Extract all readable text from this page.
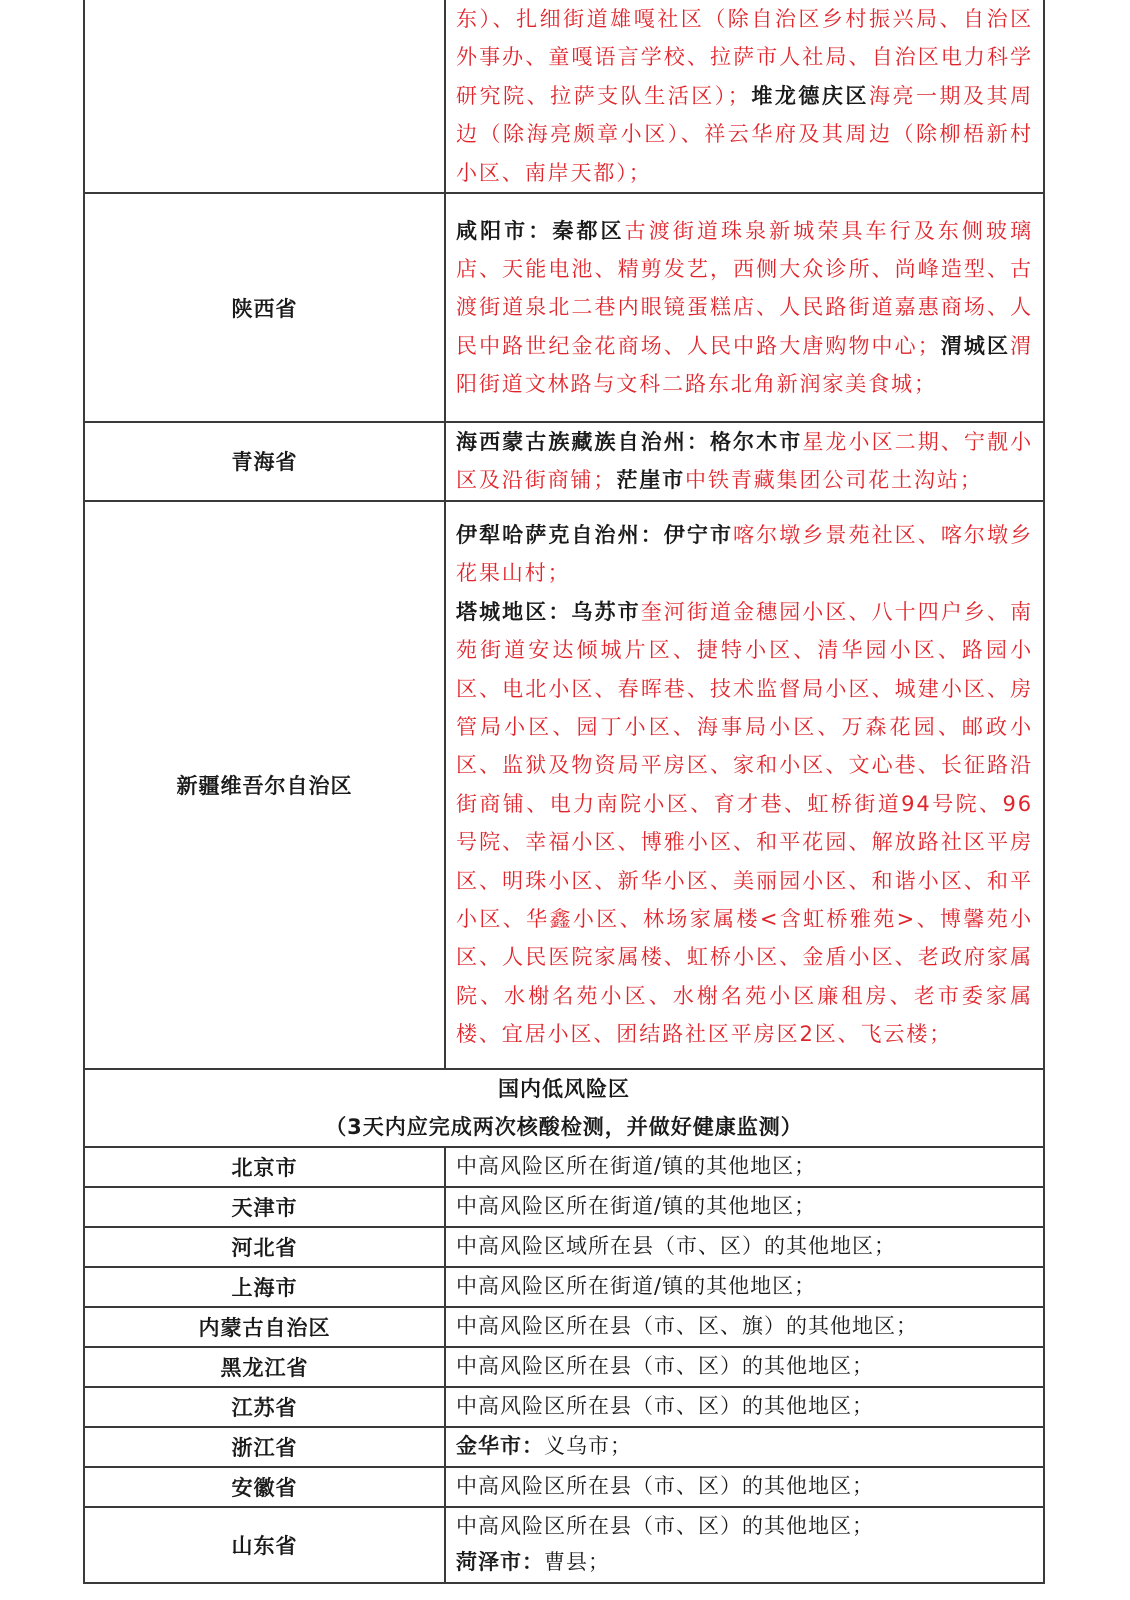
	东）、扎细街道雄嘎社区（除自治区乡村振兴局、自治区外事办、童嘎语言学校、拉萨市人社局、自治区电力科学研究院、拉萨支队生活区）；堆龙德庆区海亮一期及其周边（除海亮颇章小区）、祥云华府及其周边（除柳梧新村小区、南岸天都）；
陕西省	咸阳市：秦都区古渡街道珠泉新城荣具车行及东侧玻璃店、天能电池、精剪发艺，西侧大众诊所、尚峰造型、古渡街道泉北二巷内眼镜蛋糕店、人民路街道嘉惠商场、人民中路世纪金花商场、人民中路大唐购物中心；渭城区渭阳街道文林路与文科二路东北角新润家美食城；
青海省	海西蒙古族藏族自治州：格尔木市星龙小区二期、宁靓小区及沿街商铺；茫崖市中铁青藏集团公司花土沟站；
新疆维吾尔自治区	伊犁哈萨克自治州：伊宁市喀尔墩乡景苑社区、喀尔墩乡花果山村；
塔城地区：乌苏市奎河街道金穗园小区、八十四户乡、南苑街道安达倾城片区、捷特小区、清华园小区、路园小区、电北小区、春晖巷、技术监督局小区、城建小区、房管局小区、园丁小区、海事局小区、万森花园、邮政小区、监狱及物资局平房区、家和小区、文心巷、长征路沿街商铺、电力南院小区、育才巷、虹桥街道94号院、96号院、幸福小区、博雅小区、和平花园、解放路社区平房区、明珠小区、新华小区、美丽园小区、和谐小区、和平小区、华鑫小区、林场家属楼<含虹桥雅苑>、博馨苑小区、人民医院家属楼、虹桥小区、金盾小区、老政府家属院、水榭名苑小区、水榭名苑小区廉租房、老市委家属楼、宜居小区、团结路社区平房区2区、飞云楼；

国内低风险区
（3天内应完成两次核酸检测，并做好健康监测）	

北京市	中高风险区所在街道/镇的其他地区；

天津市	中高风险区所在街道/镇的其他地区；

河北省	中高风险区域所在县（市、区）的其他地区；

上海市	中高风险区所在街道/镇的其他地区；

内蒙古自治区	中高风险区所在县（市、区、旗）的其他地区；

黑龙江省	中高风险区所在县（市、区）的其他地区；

江苏省	中高风险区所在县（市、区）的其他地区；

浙江省	金华市：义乌市；

安徽省	中高风险区所在县（市、区）的其他地区；

山东省	中高风险区所在县（市、区）的其他地区；
菏泽市：曹县；
